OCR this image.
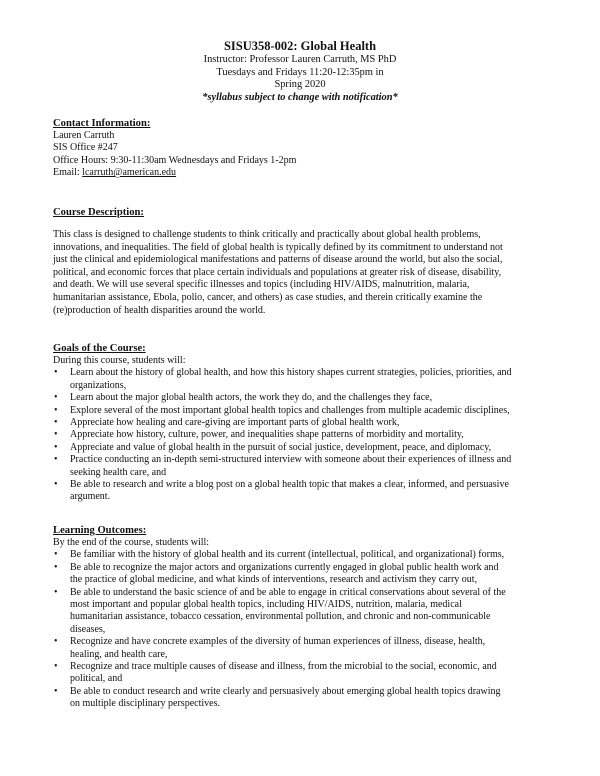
SISU358-002: Global Health
Instructor: Professor Lauren Carruth, MS PhD
Tuesdays and Fridays 11:20-12:35pm in
Spring 2020
*syllabus subject to change with notification*
Contact Information:
Lauren Carruth
SIS Office #247
Office Hours: 9:30-11:30am Wednesdays and Fridays 1-2pm
Email: lcarruth@american.edu
Course Description:
This class is designed to challenge students to think critically and practically about global health problems,
innovations, and inequalities. The field of global health is typically defined by its commitment to understand not
just the clinical and epidemiological manifestations and patterns of disease around the world, but also the social,
political, and economic forces that place certain individuals and populations at greater risk of disease, disability,
and death. We will use several specific illnesses and topics (including HIV/AIDS, malnutrition, malaria,
humanitarian assistance, Ebola, polio, cancer, and others) as case studies, and therein critically examine the
(re)production of health disparities around the world.
Goals of the Course:
During this course, students will:
• Learn about the history of global health, and how this history shapes current strategies, policies, priorities, and
organizations,
• Learn about the major global health actors, the work they do, and the challenges they face,
• Explore several of the most important global health topics and challenges from multiple academic disciplines,
• Appreciate how healing and care-giving are important parts of global health work,
• Appreciate how history, culture, power, and inequalities shape patterns of morbidity and mortality,
• Appreciate and value of global health in the pursuit of social justice, development, peace, and diplomacy,
• Practice conducting an in-depth semi-structured interview with someone about their experiences of illness and
seeking health care, and
• Be able to research and write a blog post on a global health topic that makes a clear, informed, and persuasive
argument.
Learning Outcomes:
By the end of the course, students will:
• Be familiar with the history of global health and its current (intellectual, political, and organizational) forms,
• Be able to recognize the major actors and organizations currently engaged in global public health work and
the practice of global medicine, and what kinds of interventions, research and activism they carry out,
• Be able to understand the basic science of and be able to engage in critical conservations about several of the
most important and popular global health topics, including HIV/AIDS, nutrition, malaria, medical
humanitarian assistance, tobacco cessation, environmental pollution, and chronic and non-communicable
diseases,
• Recognize and have concrete examples of the diversity of human experiences of illness, disease, health,
healing, and health care,
• Recognize and trace multiple causes of disease and illness, from the microbial to the social, economic, and
political, and
• Be able to conduct research and write clearly and persuasively about emerging global health topics drawing
on multiple disciplinary perspectives.
